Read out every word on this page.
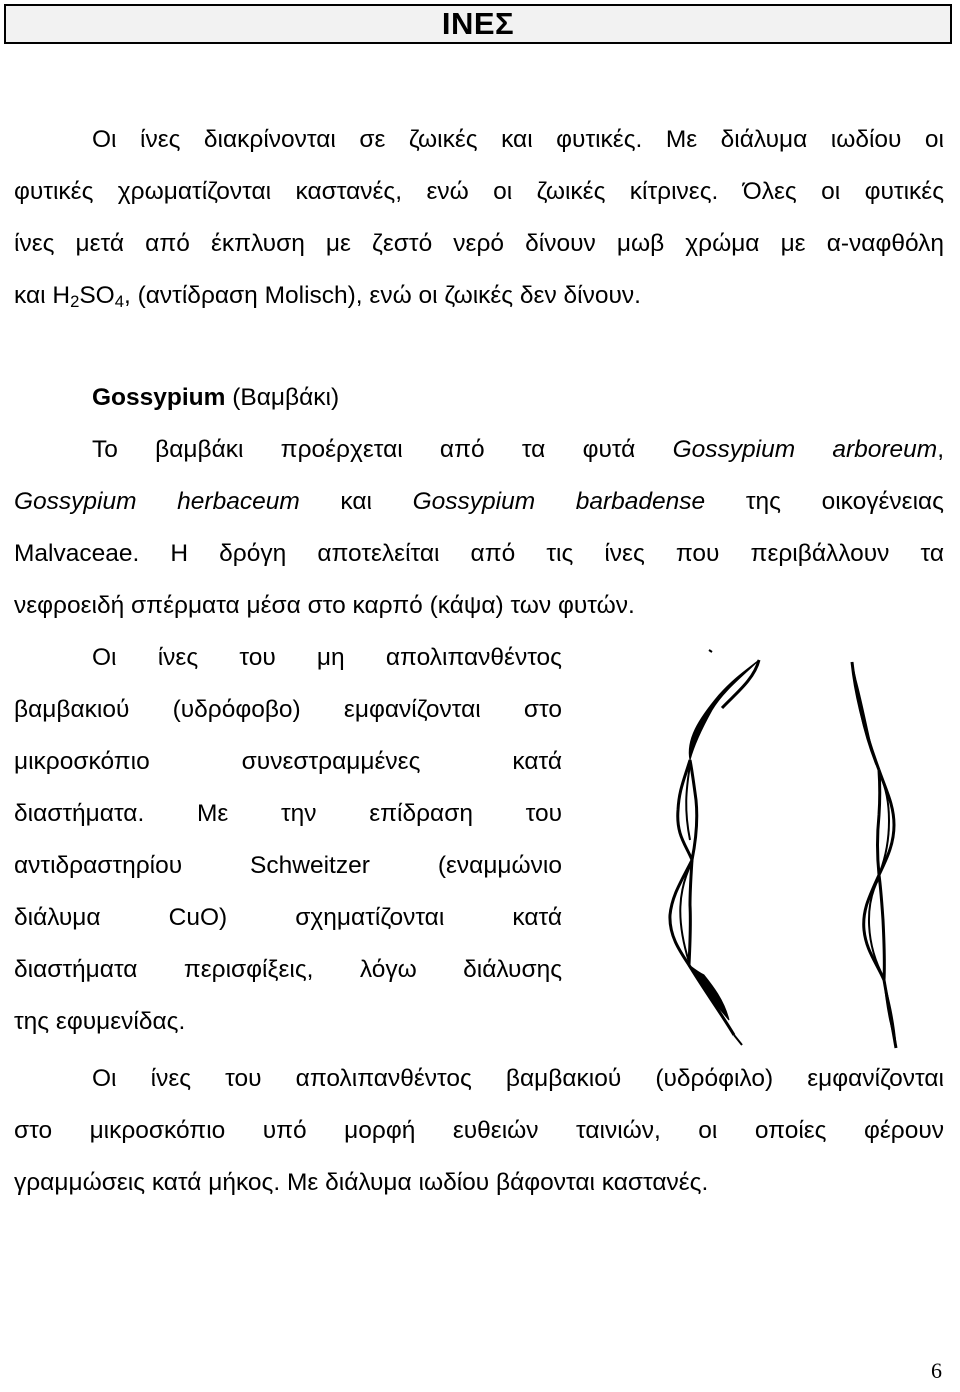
ΙΝΕΣ
Οι ίνες διακρίνονται σε ζωικές και φυτικές. Με διάλυμα ιωδίου οι
φυτικές χρωματίζονται καστανές, ενώ οι ζωικές κίτρινες. Όλες οι φυτικές
ίνες μετά από έκπλυση με ζεστό νερό δίνουν μωβ χρώμα με α-ναφθόλη
και $H_2SO_4$, (αντίδραση Molisch), ενώ οι ζωικές δεν δίνουν.
Gossypium (Βαμβάκι)
Το βαμβάκι προέρχεται από τα φυτά Gossypium arboreum,
Gossypium herbaceum και Gossypium barbadense της οικογένειας
Malvaceae. Η δρόγη αποτελείται από τις ίνες που περιβάλλουν τα
νεφροειδή σπέρματα μέσα στο καρπό (κάψα) των φυτών.
Οι ίνες του μη απολιπανθέντος
βαμβακιού (υδρόφοβο) εμφανίζονται στο
μικροσκόπιο συνεστραμμένες κατά
διαστήματα. Με την επίδραση του
αντιδραστηρίου Schweitzer (εναμμώνιο
διάλυμα CuO) σχηματίζονται κατά
διαστήματα περισφίξεις, λόγω διάλυσης
της εφυμενίδας.
Οι ίνες του απολιπανθέντος βαμβακιού (υδρόφιλο) εμφανίζονται
στο μικροσκόπιο υπό μορφή ευθειών ταινιών, οι οποίες φέρουν
γραμμώσεις κατά μήκος. Με διάλυμα ιωδίου βάφονται καστανές.
6
